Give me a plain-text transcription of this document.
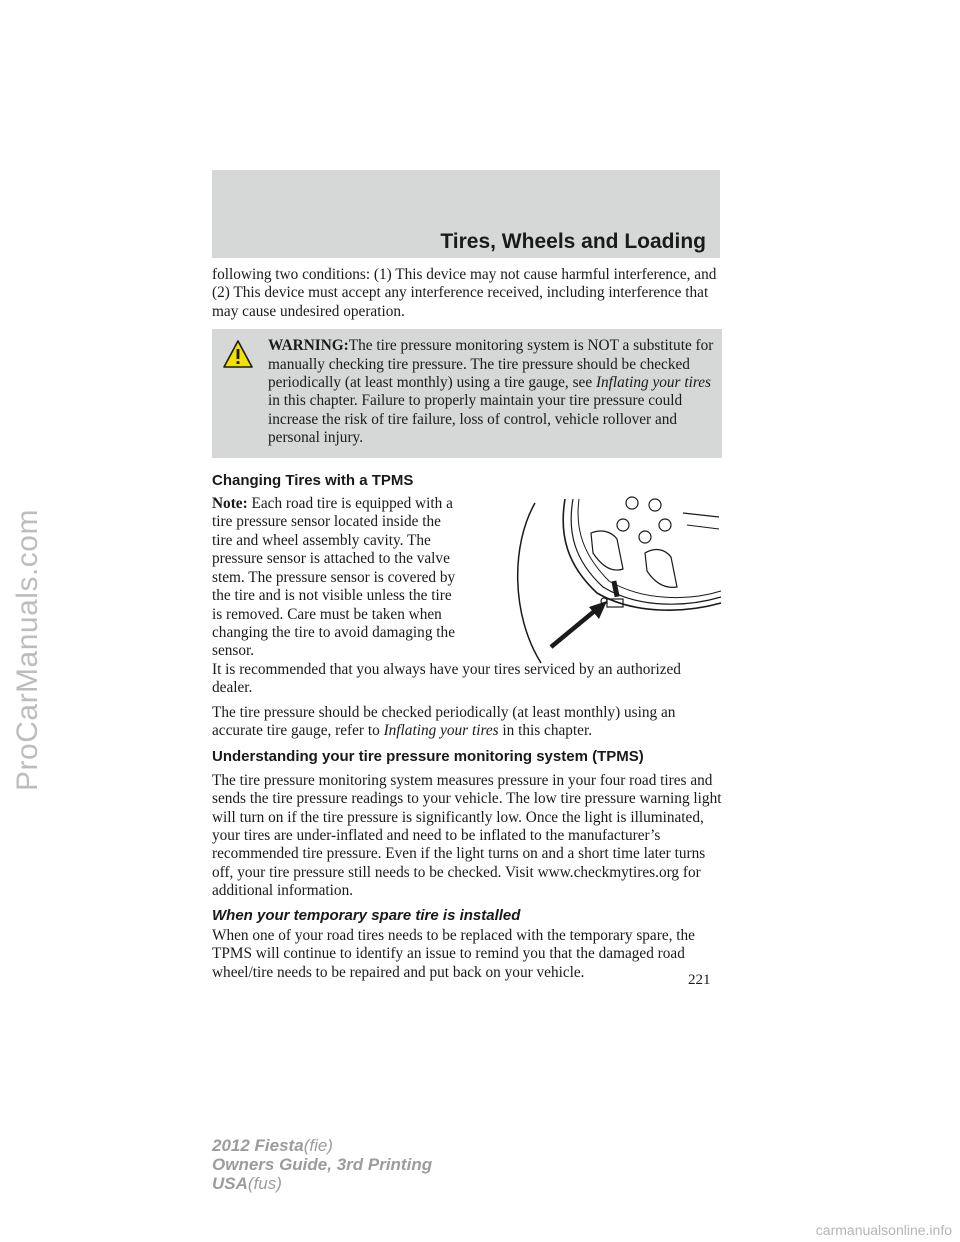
ProCarManuals.com
Tires, Wheels and Loading

following two conditions: (1) This device may not cause harmful interference, and (2) This device must accept any interference received, including interference that may cause undesired operation.

WARNING:The tire pressure monitoring system is NOT a substitute for manually checking tire pressure. The tire pressure should be checked periodically (at least monthly) using a tire gauge, see Inflating your tires in this chapter. Failure to properly maintain your tire pressure could increase the risk of tire failure, loss of control, vehicle rollover and personal injury.
Changing Tires with a TPMS
Note: Each road tire is equipped with a tire pressure sensor located inside the tire and wheel assembly cavity. The pressure sensor is attached to the valve stem. The pressure sensor is covered by the tire and is not visible unless the tire is removed. Care must be taken when changing the tire to avoid damaging the sensor.

It is recommended that you always have your tires serviced by an authorized dealer.

The tire pressure should be checked periodically (at least monthly) using an accurate tire gauge, refer to Inflating your tires in this chapter.

Understanding your tire pressure monitoring system (TPMS)

The tire pressure monitoring system measures pressure in your four road tires and sends the tire pressure readings to your vehicle. The low tire pressure warning light will turn on if the tire pressure is significantly low. Once the light is illuminated, your tires are under-inflated and need to be inflated to the manufacturer’s recommended tire pressure. Even if the light turns on and a short time later turns off, your tire pressure still needs to be checked. Visit www.checkmytires.org for additional information.

When your temporary spare tire is installed

When one of your road tires needs to be replaced with the temporary spare, the TPMS will continue to identify an issue to remind you that the damaged road wheel/tire needs to be repaired and put back on your vehicle.	221
2012 Fiesta(fie)
Owners Guide, 3rd Printing
USA(fus)
carmanualsonline.info
